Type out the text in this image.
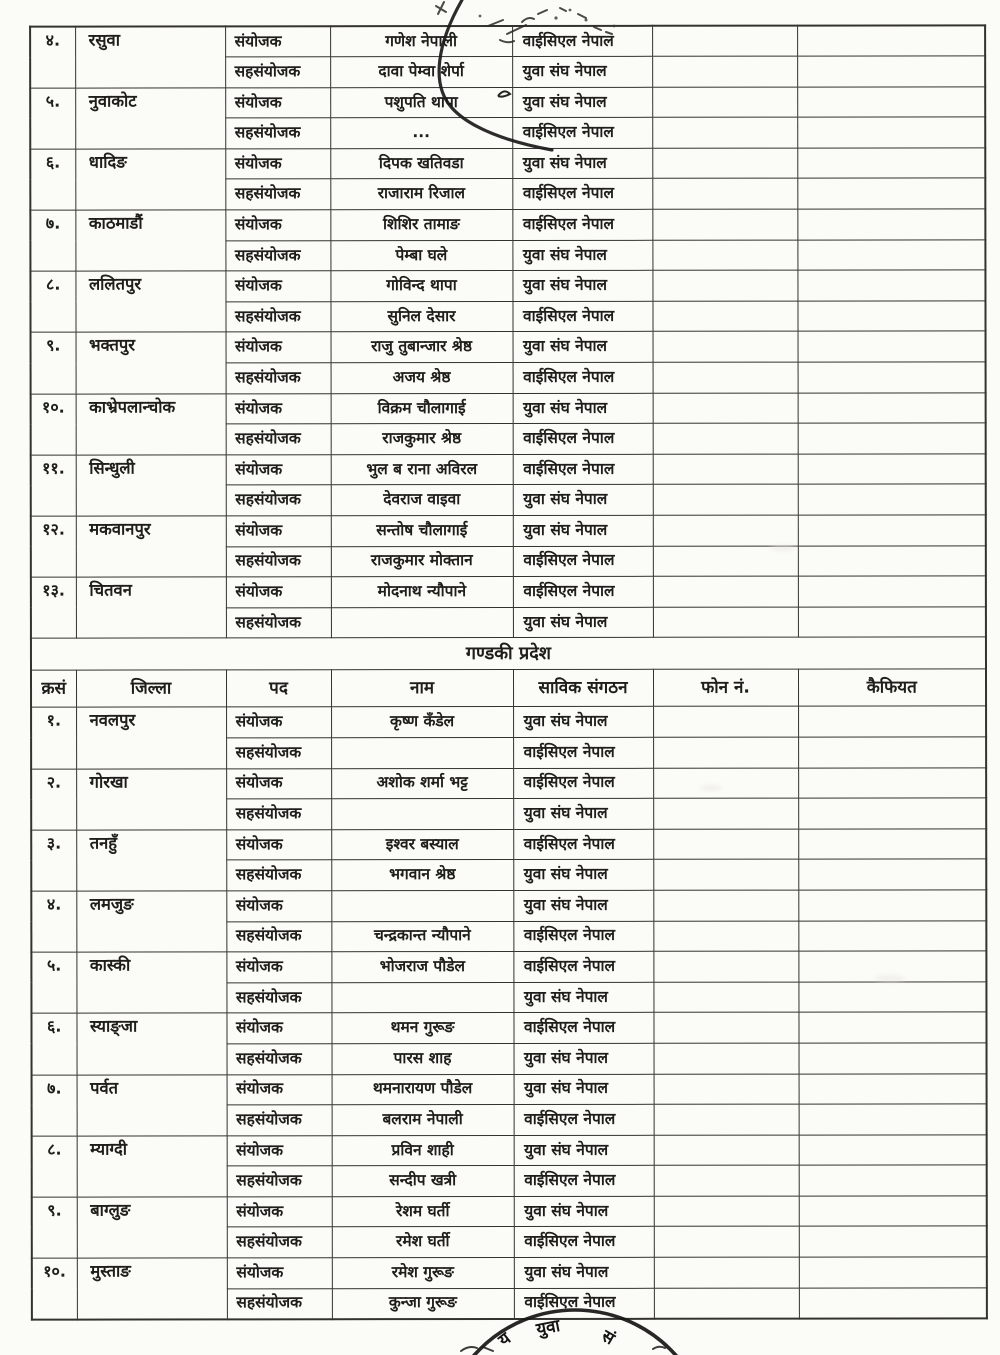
४.	रसुवा	संयोजक	गणेश नेपाली	वाईसिएल नेपाल		
		सहसंयोजक	दावा पेम्वा शेर्पा	युवा संघ नेपाल		
५.	नुवाकोट	संयोजक	पशुपति थापा	युवा संघ नेपाल		
		सहसंयोजक	...	वाईसिएल नेपाल		
६.	धादिङ	संयोजक	दिपक खतिवडा	युवा संघ नेपाल		
		सहसंयोजक	राजाराम रिजाल	वाईसिएल नेपाल		
७.	काठमाडौं	संयोजक	शिशिर तामाङ	वाईसिएल नेपाल		
		सहसंयोजक	पेम्बा घले	युवा संघ नेपाल		
८.	ललितपुर	संयोजक	गोविन्द थापा	युवा संघ नेपाल		
		सहसंयोजक	सुनिल देसार	वाईसिएल नेपाल		
९.	भक्तपुर	संयोजक	राजु तुबान्जार श्रेष्ठ	युवा संघ नेपाल		
		सहसंयोजक	अजय श्रेष्ठ	वाईसिएल नेपाल		
१०.	काभ्रेपलान्चोक	संयोजक	विक्रम चौलागाई	युवा संघ नेपाल		
		सहसंयोजक	राजकुमार श्रेष्ठ	वाईसिएल नेपाल		
११.	सिन्धुली	संयोजक	भुल ब राना अविरल	वाईसिएल नेपाल		
		सहसंयोजक	देवराज वाइवा	युवा संघ नेपाल		
१२.	मकवानपुर	संयोजक	सन्तोष चौलागाई	युवा संघ नेपाल		
		सहसंयोजक	राजकुमार मोक्तान	वाईसिएल नेपाल		
१३.	चितवन	संयोजक	मोदनाथ न्यौपाने	वाईसिएल नेपाल		
		सहसंयोजक		युवा संघ नेपाल		
गण्डकी प्रदेश						
क्रसं	जिल्ला	पद	नाम	साविक संगठन	फोन नं.	कैफियत
१.	नवलपुर	संयोजक	कृष्ण कँडेल	युवा संघ नेपाल		
		सहसंयोजक		वाईसिएल नेपाल		
२.	गोरखा	संयोजक	अशोक शर्मा भट्ट	वाईसिएल नेपाल		
		सहसंयोजक		युवा संघ नेपाल		
३.	तनहुँ	संयोजक	इश्वर बस्याल	वाईसिएल नेपाल		
		सहसंयोजक	भगवान श्रेष्ठ	युवा संघ नेपाल		
४.	लमजुङ	संयोजक		युवा संघ नेपाल		
		सहसंयोजक	चन्द्रकान्त न्यौपाने	वाईसिएल नेपाल		
५.	कास्की	संयोजक	भोजराज पौडेल	वाईसिएल नेपाल		
		सहसंयोजक		युवा संघ नेपाल		
६.	स्याङ्जा	संयोजक	थमन गुरूङ	वाईसिएल नेपाल		
		सहसंयोजक	पारस शाह	युवा संघ नेपाल		
७.	पर्वत	संयोजक	थमनारायण पौडेल	युवा संघ नेपाल		
		सहसंयोजक	बलराम नेपाली	वाईसिएल नेपाल		
८.	म्याग्दी	संयोजक	प्रविन शाही	युवा संघ नेपाल		
		सहसंयोजक	सन्दीप खत्री	वाईसिएल नेपाल		
९.	बाग्लुङ	संयोजक	रेशम घर्ती	युवा संघ नेपाल		
		सहसंयोजक	रमेश घर्ती	वाईसिएल नेपाल		
१०.	मुस्ताङ	संयोजक	रमेश गुरूङ	युवा संघ नेपाल		
		सहसंयोजक	कुन्जा गुरूङ	वाईसिएल नेपाल		
य युवा सं
